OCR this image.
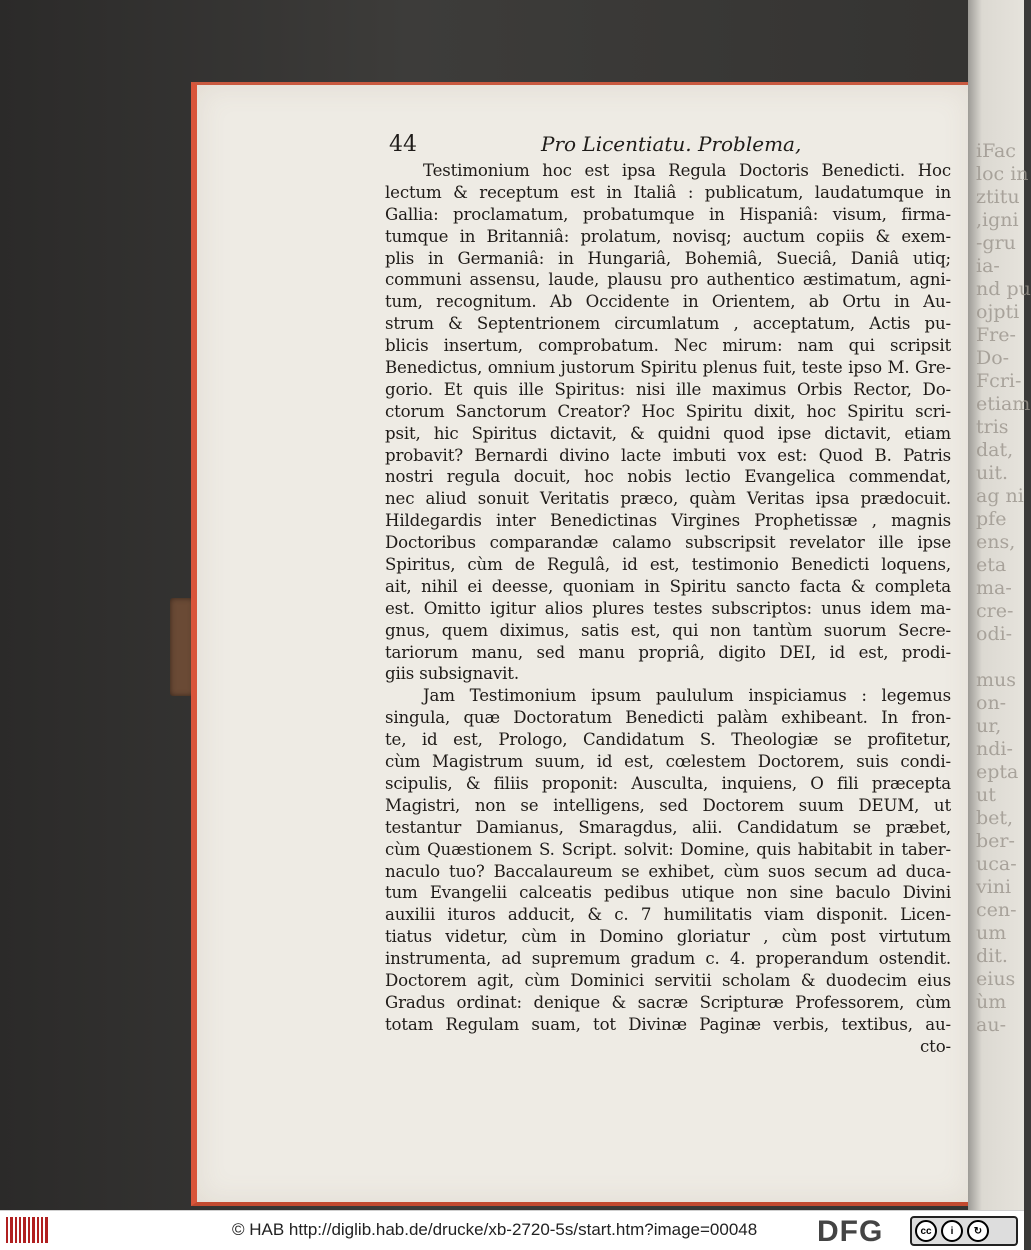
iFac
loc in
ztitu
,igni
-gru
ia-
nd pu
ojpti
Fre-
Do-
Fcri-
etiam
tris
dat,
uit.
ag ni
pfe
ens,
eta
ma-
cre-
odi-

mus
on-
ur,
ndi-
epta
ut
bet,
ber-
uca-
vini
cen-
um
dit.
eius
ùm
au-
44	Pro Licentiatu. Problema,
Testimonium hoc est ipsa Regula Doctoris Benedicti. Hoc
lectum & receptum est in Italiâ : publicatum, laudatumque in
Gallia: proclamatum, probatumque in Hispaniâ: visum, firma-
tumque in Britanniâ: prolatum, novisq; auctum copiis & exem-
plis in Germaniâ: in Hungariâ, Bohemiâ, Sueciâ, Daniâ utiq;
communi assensu, laude, plausu pro authentico æstimatum, agni-
tum, recognitum. Ab Occidente in Orientem, ab Ortu in Au-
strum & Septentrionem circumlatum , acceptatum, Actis pu-
blicis insertum, comprobatum. Nec mirum: nam qui scripsit
Benedictus, omnium justorum Spiritu plenus fuit, teste ipso M. Gre-
gorio. Et quis ille Spiritus: nisi ille maximus Orbis Rector, Do-
ctorum Sanctorum Creator? Hoc Spiritu dixit, hoc Spiritu scri-
psit, hic Spiritus dictavit, & quidni quod ipse dictavit, etiam
probavit? Bernardi divino lacte imbuti vox est: Quod B. Patris
nostri regula docuit, hoc nobis lectio Evangelica commendat,
nec aliud sonuit Veritatis præco, quàm Veritas ipsa prædocuit.
Hildegardis inter Benedictinas Virgines Prophetissæ , magnis
Doctoribus comparandæ calamo subscripsit revelator ille ipse
Spiritus, cùm de Regulâ, id est, testimonio Benedicti loquens,
ait, nihil ei deesse, quoniam in Spiritu sancto facta & completa
est. Omitto igitur alios plures testes subscriptos: unus idem ma-
gnus, quem diximus, satis est, qui non tantùm suorum Secre-
tariorum manu, sed manu propriâ, digito DEI, id est, prodi-
giis subsignavit.
Jam Testimonium ipsum paululum inspiciamus : legemus
singula, quæ Doctoratum Benedicti palàm exhibeant. In fron-
te, id est, Prologo, Candidatum S. Theologiæ se profitetur,
cùm Magistrum suum, id est, cœlestem Doctorem, suis condi-
scipulis, & filiis proponit: Ausculta, inquiens, O fili præcepta
Magistri, non se intelligens, sed Doctorem suum DEUM, ut
testantur Damianus, Smaragdus, alii. Candidatum se præbet,
cùm Quæstionem S. Script. solvit: Domine, quis habitabit in taber-
naculo tuo? Baccalaureum se exhibet, cùm suos secum ad duca-
tum Evangelii calceatis pedibus utique non sine baculo Divini
auxilii ituros adducit, & c. 7 humilitatis viam disponit. Licen-
tiatus videtur, cùm in Domino gloriatur , cùm post virtutum
instrumenta, ad supremum gradum c. 4. properandum ostendit.
Doctorem agit, cùm Dominici servitii scholam & duodecim eius
Gradus ordinat: denique & sacræ Scripturæ Professorem, cùm
totam Regulam suam, tot Divinæ Paginæ verbis, textibus, au-
cto-
© HAB http://diglib.hab.de/drucke/xb-2720-5s/start.htm?image=00048 DFG	cc	i	↻
